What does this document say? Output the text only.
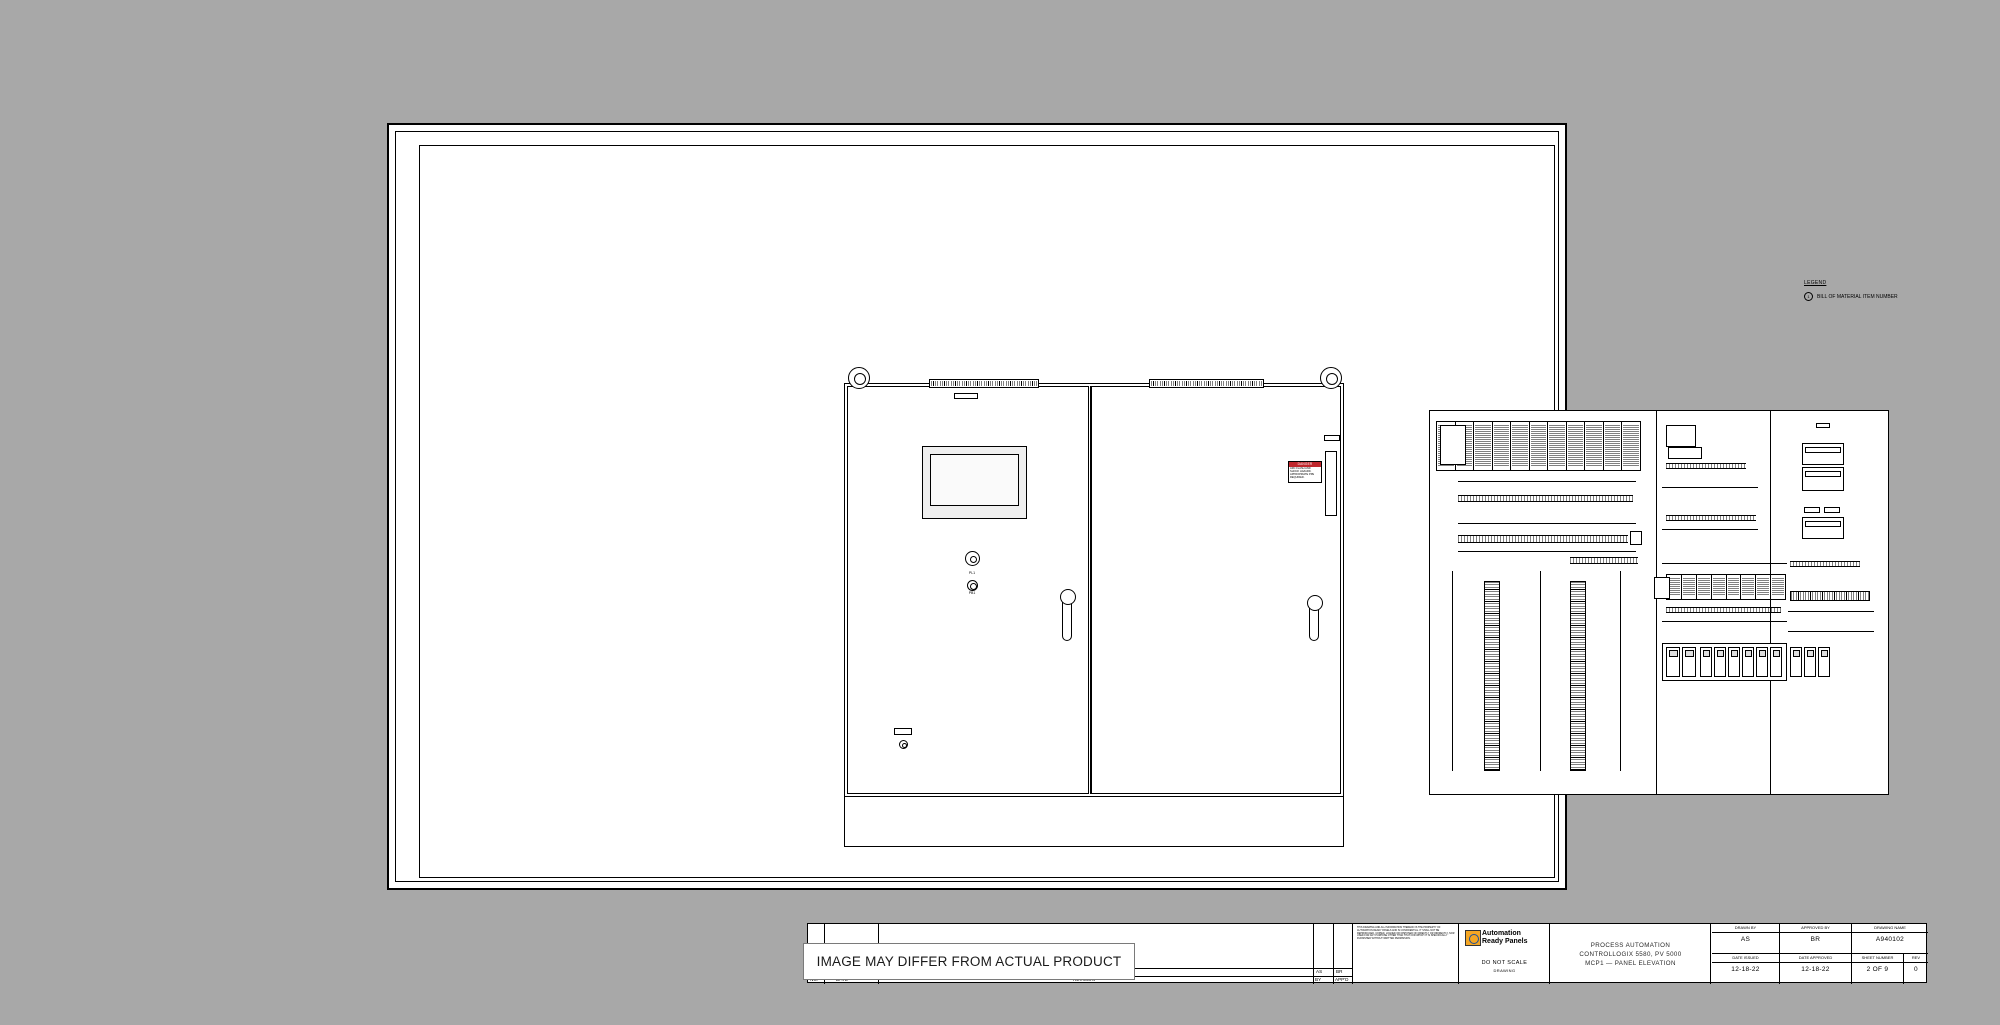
LEGEND
1	BILL OF MATERIAL ITEM NUMBER
PL1
PB1
DANGER
ARC FLASH AND SHOCK HAZARD. APPROPRIATE PPE REQUIRED.
AS	BR
BY	APP'D
THIS DRAWING AND ALL INFORMATION THEREON IS THE PROPERTY OF AUTOMATION READY PANELS AND IS CONFIDENTIAL. IT SHALL NOT BE REPRODUCED, COPIED, LOANED OR DISPOSED OF DIRECTLY OR INDIRECTLY, NOR USED FOR ANY PURPOSE OTHER THAN THAT FOR WHICH IT IS SPECIFICALLY FURNISHED WITHOUT WRITTEN PERMISSION.
Automation
Ready Panels
DO NOT SCALE
DRAWING
PROCESS AUTOMATION
CONTROLLOGIX 5580, PV 5000
MCP1 — PANEL ELEVATION
DRAWN BY
AS
APPROVED BY
BR
DRAWING NAME
A940102
DATE ISSUED
12-18-22
DATE APPROVED
12-18-22
SHEET NUMBER
2 OF 9
REV
0
IMAGE MAY DIFFER FROM ACTUAL PRODUCT
